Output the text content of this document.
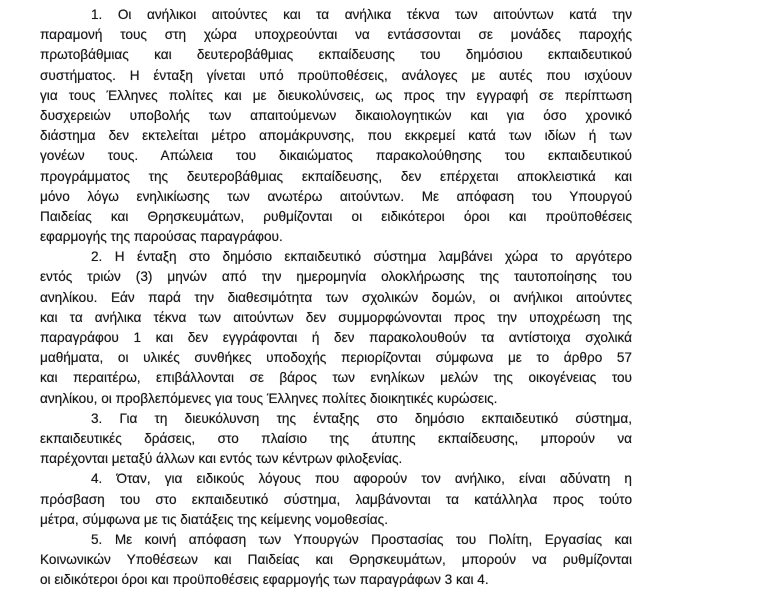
1. Οι ανήλικοι αιτούντες και τα ανήλικα τέκνα των αιτούντων κατά την
παραμονή τους στη χώρα υποχρεούνται να εντάσσονται σε μονάδες παροχής
πρωτοβάθμιας και δευτεροβάθμιας εκπαίδευσης του δημόσιου εκπαιδευτικού
συστήματος. Η ένταξη γίνεται υπό προϋποθέσεις, ανάλογες με αυτές που ισχύουν
για τους Έλληνες πολίτες και με διευκολύνσεις, ως προς την εγγραφή σε περίπτωση
δυσχερειών υποβολής των απαιτούμενων δικαιολογητικών και για όσο χρονικό
διάστημα δεν εκτελείται μέτρο απομάκρυνσης, που εκκρεμεί κατά των ιδίων ή των
γονέων τους. Απώλεια του δικαιώματος παρακολούθησης του εκπαιδευτικού
προγράμματος της δευτεροβάθμιας εκπαίδευσης, δεν επέρχεται αποκλειστικά και
μόνο λόγω ενηλικίωσης των ανωτέρω αιτούντων. Με απόφαση του Υπουργού
Παιδείας και Θρησκευμάτων, ρυθμίζονται οι ειδικότεροι όροι και προϋποθέσεις
εφαρμογής της παρούσας παραγράφου.
2. Η ένταξη στο δημόσιο εκπαιδευτικό σύστημα λαμβάνει χώρα το αργότερο
εντός τριών (3) μηνών από την ημερομηνία ολοκλήρωσης της ταυτοποίησης του
ανηλίκου. Εάν παρά την διαθεσιμότητα των σχολικών δομών, οι ανήλικοι αιτούντες
και τα ανήλικα τέκνα των αιτούντων δεν συμμορφώνονται προς την υποχρέωση της
παραγράφου 1 και δεν εγγράφονται ή δεν παρακολουθούν τα αντίστοιχα σχολικά
μαθήματα, οι υλικές συνθήκες υποδοχής περιορίζονται σύμφωνα με το άρθρο 57
και περαιτέρω, επιβάλλονται σε βάρος των ενηλίκων μελών της οικογένειας του
ανηλίκου, οι προβλεπόμενες για τους Έλληνες πολίτες διοικητικές κυρώσεις.
3. Για τη διευκόλυνση της ένταξης στο δημόσιο εκπαιδευτικό σύστημα,
εκπαιδευτικές δράσεις, στο πλαίσιο της άτυπης εκπαίδευσης, μπορούν να
παρέχονται μεταξύ άλλων και εντός των κέντρων φιλοξενίας.
4. Όταν, για ειδικούς λόγους που αφορούν τον ανήλικο, είναι αδύνατη η
πρόσβαση του στο εκπαιδευτικό σύστημα, λαμβάνονται τα κατάλληλα προς τούτο
μέτρα, σύμφωνα με τις διατάξεις της κείμενης νομοθεσίας.
5. Με κοινή απόφαση των Υπουργών Προστασίας του Πολίτη, Εργασίας και
Κοινωνικών Υποθέσεων και Παιδείας και Θρησκευμάτων, μπορούν να ρυθμίζονται
οι ειδικότεροι όροι και προϋποθέσεις εφαρμογής των παραγράφων 3 και 4.
